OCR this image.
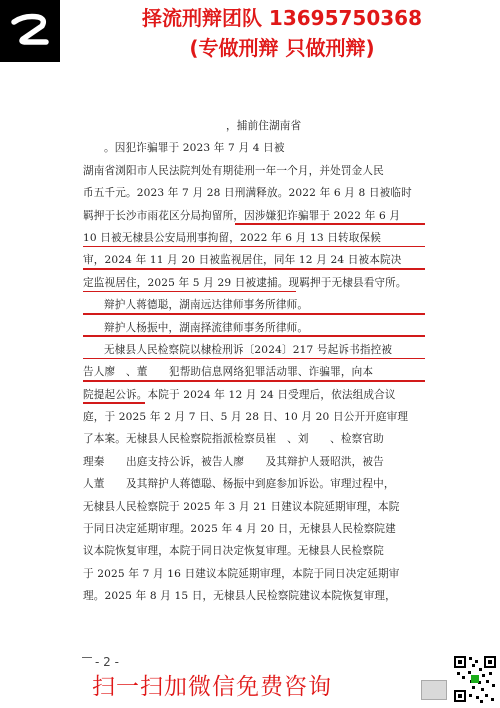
择流刑辩团队 13695750368
(专做刑辩 只做刑辩)
，捕前住湖南省
。因犯诈骗罪于 2023 年 7 月 4 日被
湖南省浏阳市人民法院判处有期徒刑一年一个月，并处罚金人民
币五千元。2023 年 7 月 28 日刑满释放。2022 年 6 月 8 日被临时
羁押于长沙市雨花区分局拘留所，因涉嫌犯诈骗罪于 2022 年 6 月
10 日被无棣县公安局刑事拘留，2022 年 6 月 13 日转取保候
审，2024 年 11 月 20 日被监视居住，同年 12 月 24 日被本院决
定监视居住，2025 年 5 月 29 日被逮捕。现羁押于无棣县看守所。
辩护人蒋德聪，湖南远达律师事务所律师。
辩护人杨振中，湖南择流律师事务所律师。
无棣县人民检察院以棣检刑诉〔2024〕217 号起诉书指控被
告人廖　、董　　犯帮助信息网络犯罪活动罪、诈骗罪，向本
院提起公诉。本院于 2024 年 12 月 24 日受理后，依法组成合议
庭，于 2025 年 2 月 7 日、5 月 28 日、10 月 20 日公开开庭审理
了本案。无棣县人民检察院指派检察员崔　、刘　　、检察官助
理秦　　出庭支持公诉，被告人廖　　及其辩护人聂昭洪，被告
人董　　及其辩护人蒋德聪、杨振中到庭参加诉讼。审理过程中，
无棣县人民检察院于 2025 年 3 月 21 日建议本院延期审理，本院
于同日决定延期审理。2025 年 4 月 20 日，无棣县人民检察院建
议本院恢复审理，本院于同日决定恢复审理。无棣县人民检察院
于 2025 年 7 月 16 日建议本院延期审理，本院于同日决定延期审
理。2025 年 8 月 15 日，无棣县人民检察院建议本院恢复审理，
- 2 -
扫一扫加微信免费咨询
